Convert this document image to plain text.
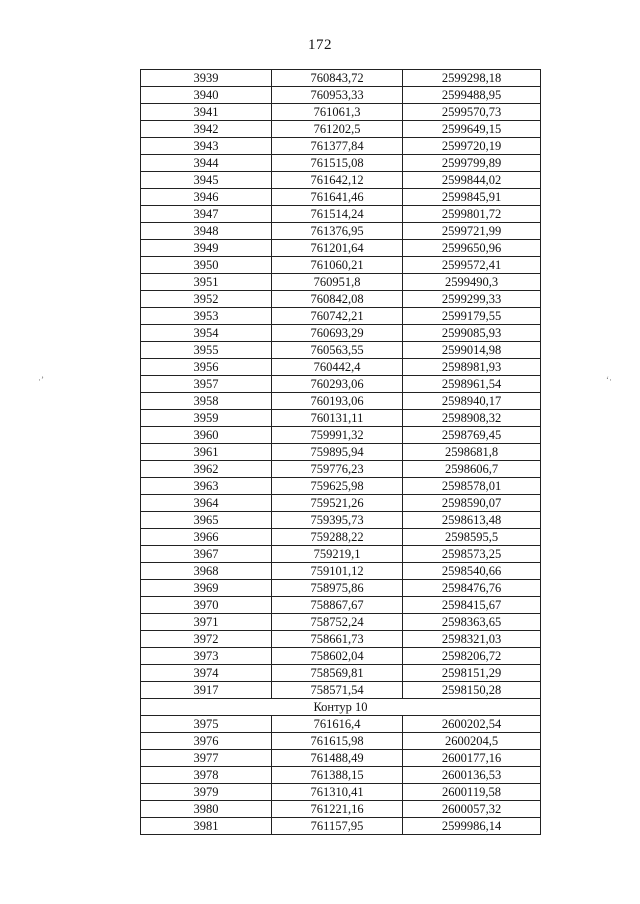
172
·’	‘·
3939	760843,72	2599298,18
3940	760953,33	2599488,95
3941	761061,3	2599570,73
3942	761202,5	2599649,15
3943	761377,84	2599720,19
3944	761515,08	2599799,89
3945	761642,12	2599844,02
3946	761641,46	2599845,91
3947	761514,24	2599801,72
3948	761376,95	2599721,99
3949	761201,64	2599650,96
3950	761060,21	2599572,41
3951	760951,8	2599490,3
3952	760842,08	2599299,33
3953	760742,21	2599179,55
3954	760693,29	2599085,93
3955	760563,55	2599014,98
3956	760442,4	2598981,93
3957	760293,06	2598961,54
3958	760193,06	2598940,17
3959	760131,11	2598908,32
3960	759991,32	2598769,45
3961	759895,94	2598681,8
3962	759776,23	2598606,7
3963	759625,98	2598578,01
3964	759521,26	2598590,07
3965	759395,73	2598613,48
3966	759288,22	2598595,5
3967	759219,1	2598573,25
3968	759101,12	2598540,66
3969	758975,86	2598476,76
3970	758867,67	2598415,67
3971	758752,24	2598363,65
3972	758661,73	2598321,03
3973	758602,04	2598206,72
3974	758569,81	2598151,29
3917	758571,54	2598150,28
Контур 10		
3975	761616,4	2600202,54
3976	761615,98	2600204,5
3977	761488,49	2600177,16
3978	761388,15	2600136,53
3979	761310,41	2600119,58
3980	761221,16	2600057,32
3981	761157,95	2599986,14
